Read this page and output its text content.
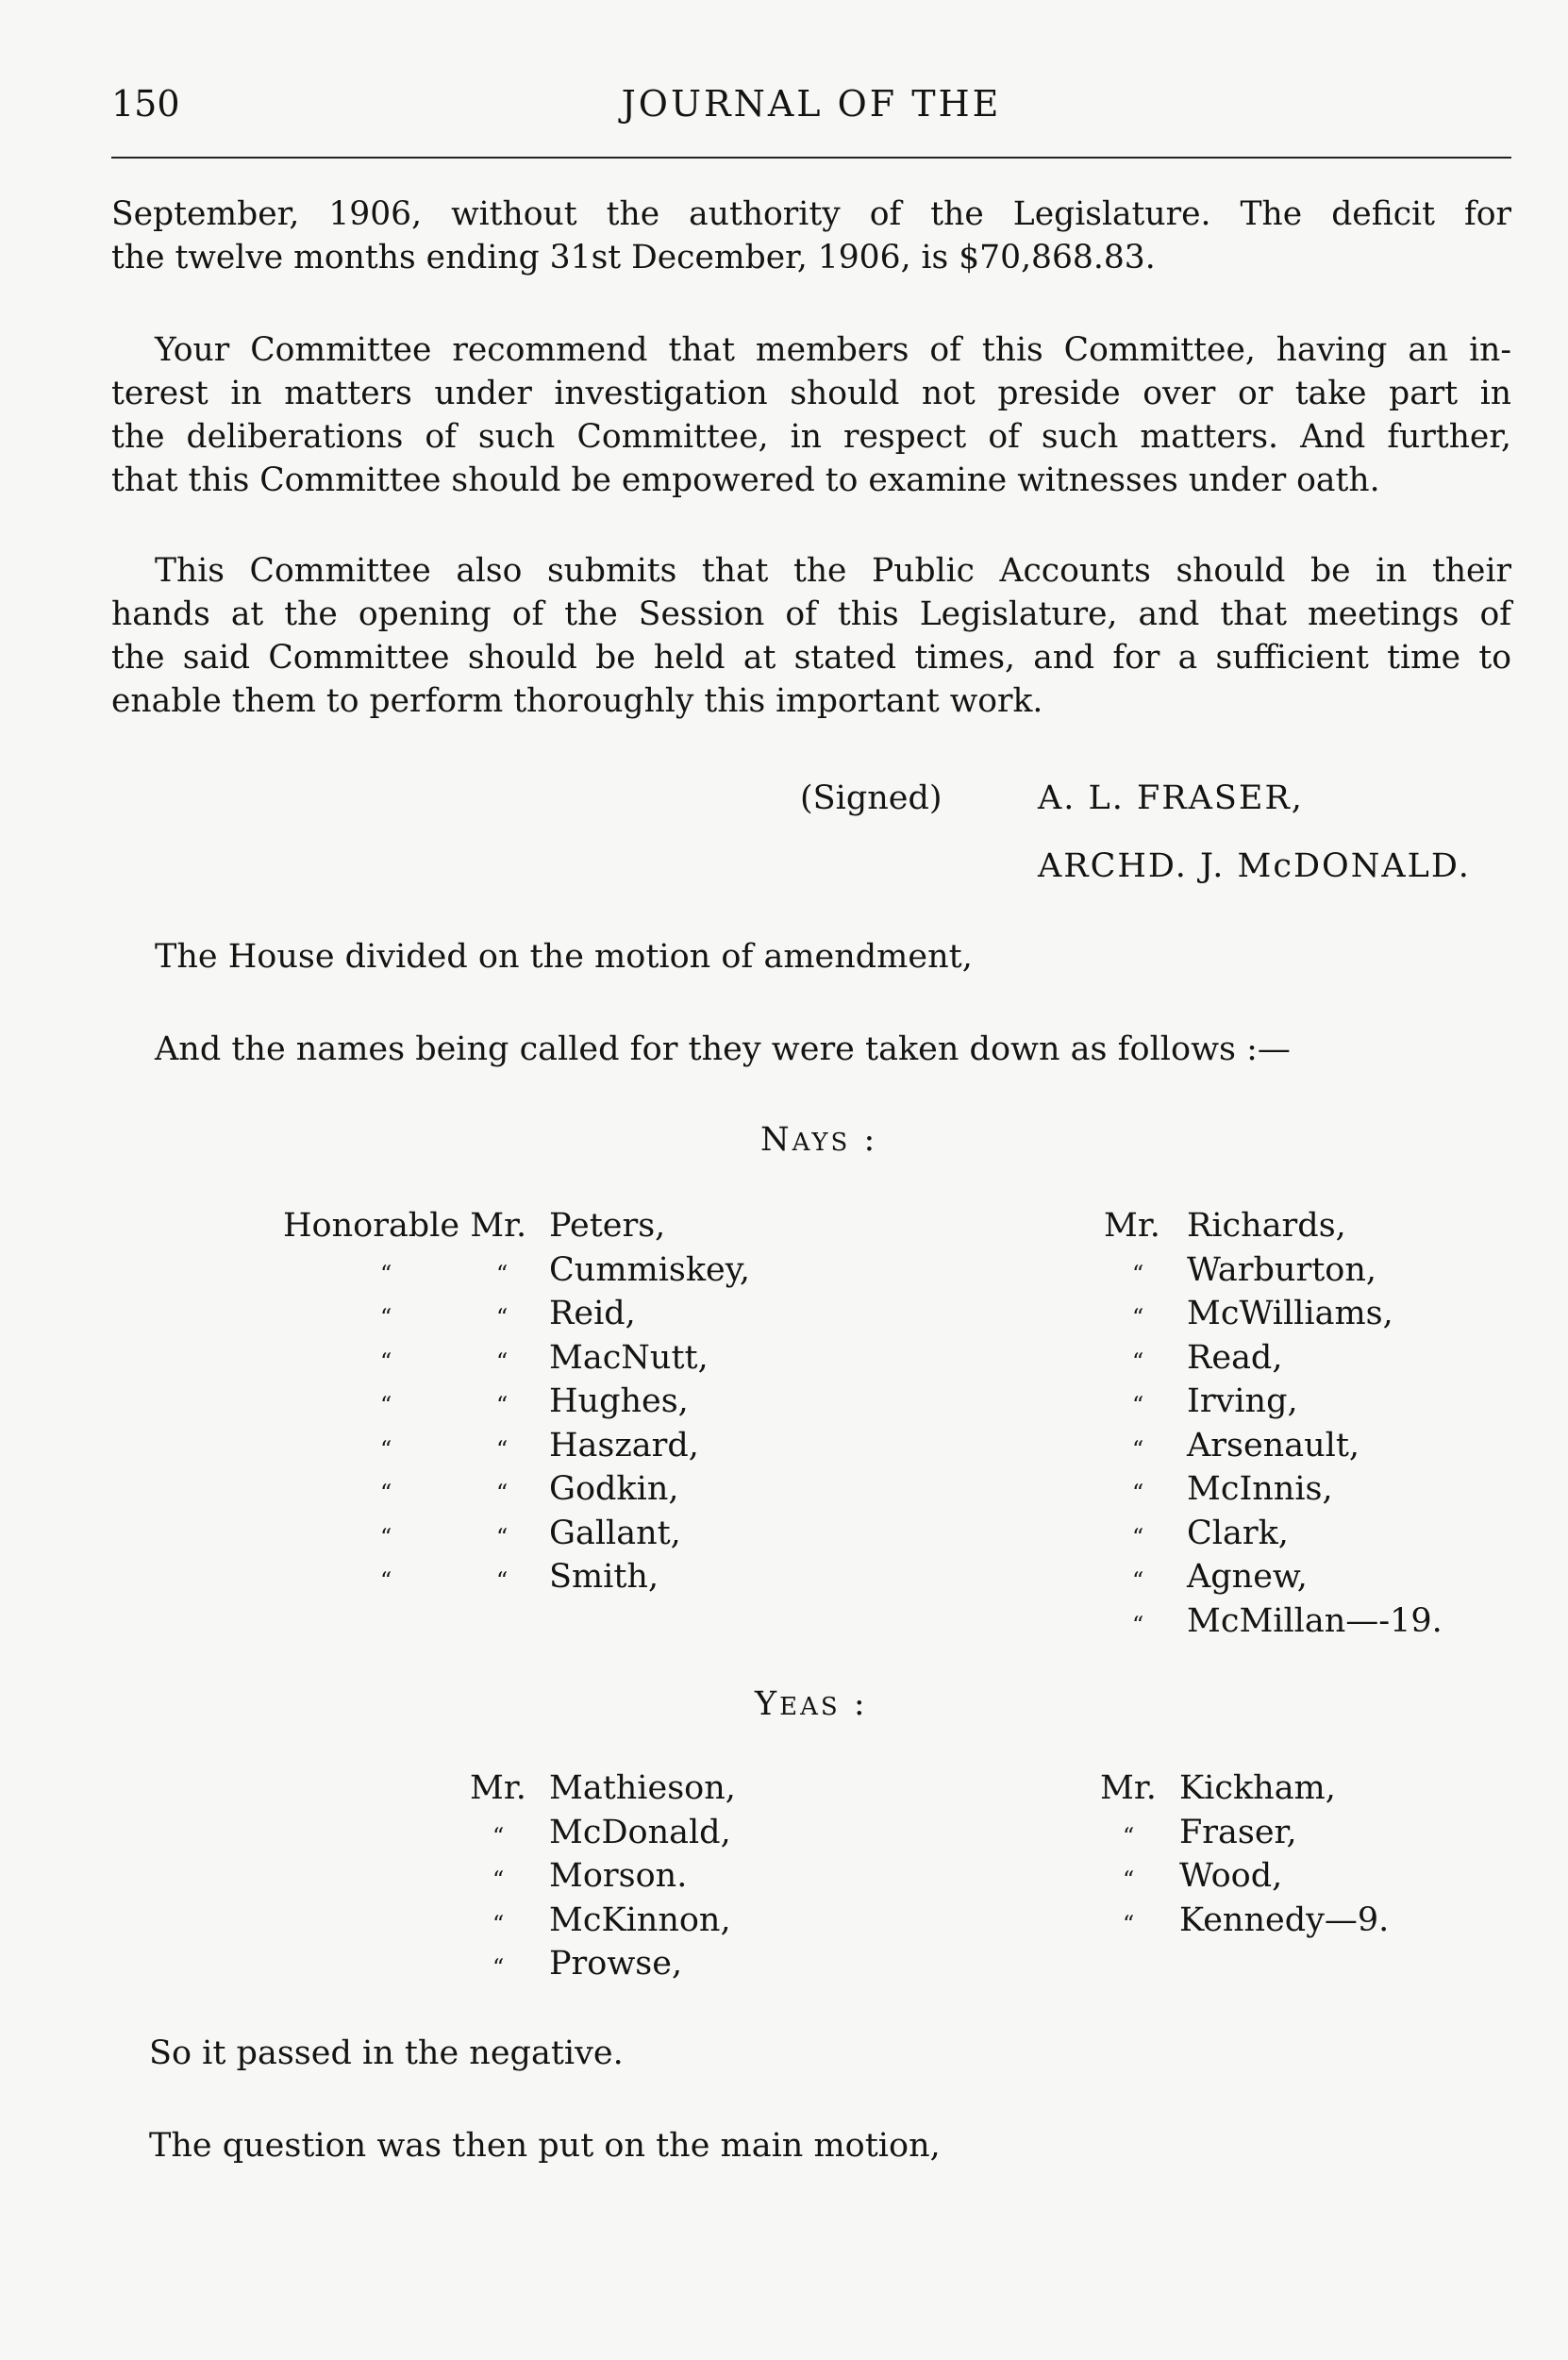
150	JOURNAL OF THE
September, 1906, without the authority of the Legislature. The deficit for
the twelve months ending 31st December, 1906, is $70,868.83.
Your Committee recommend that members of this Committee, having an in-
terest in matters under investigation should not preside over or take part in
the deliberations of such Committee, in respect of such matters. And further,
that this Committee should be empowered to examine witnesses under oath.
This Committee also submits that the Public Accounts should be in their
hands at the opening of the Session of this Legislature, and that meetings of
the said Committee should be held at stated times, and for a sufficient time to
enable them to perform thoroughly this important work.
(Signed)	A. L. FRASER,
ARCHD. J. McDONALD.
The House divided on the motion of amendment,
And the names being called for they were taken down as follows :—
NAYS :
Honorable Mr. Peters,
“	“ Cummiskey,
“	“ Reid,
“	“ MacNutt,
“	“ Hughes,
“	“ Haszard,
“	“ Godkin,
“	“ Gallant,
“	“ Smith,
Mr. Richards,
“ Warburton,
“ McWilliams,
“ Read,
“ Irving,
“ Arsenault,
“ McInnis,
“ Clark,
“ Agnew,
“ McMillan—-19.
YEAS :
Mr. Mathieson,
“ McDonald,
“ Morson.
“ McKinnon,
“ Prowse,
Mr. Kickham,
“ Fraser,
“ Wood,
“ Kennedy—9.
So it passed in the negative.
The question was then put on the main motion,
